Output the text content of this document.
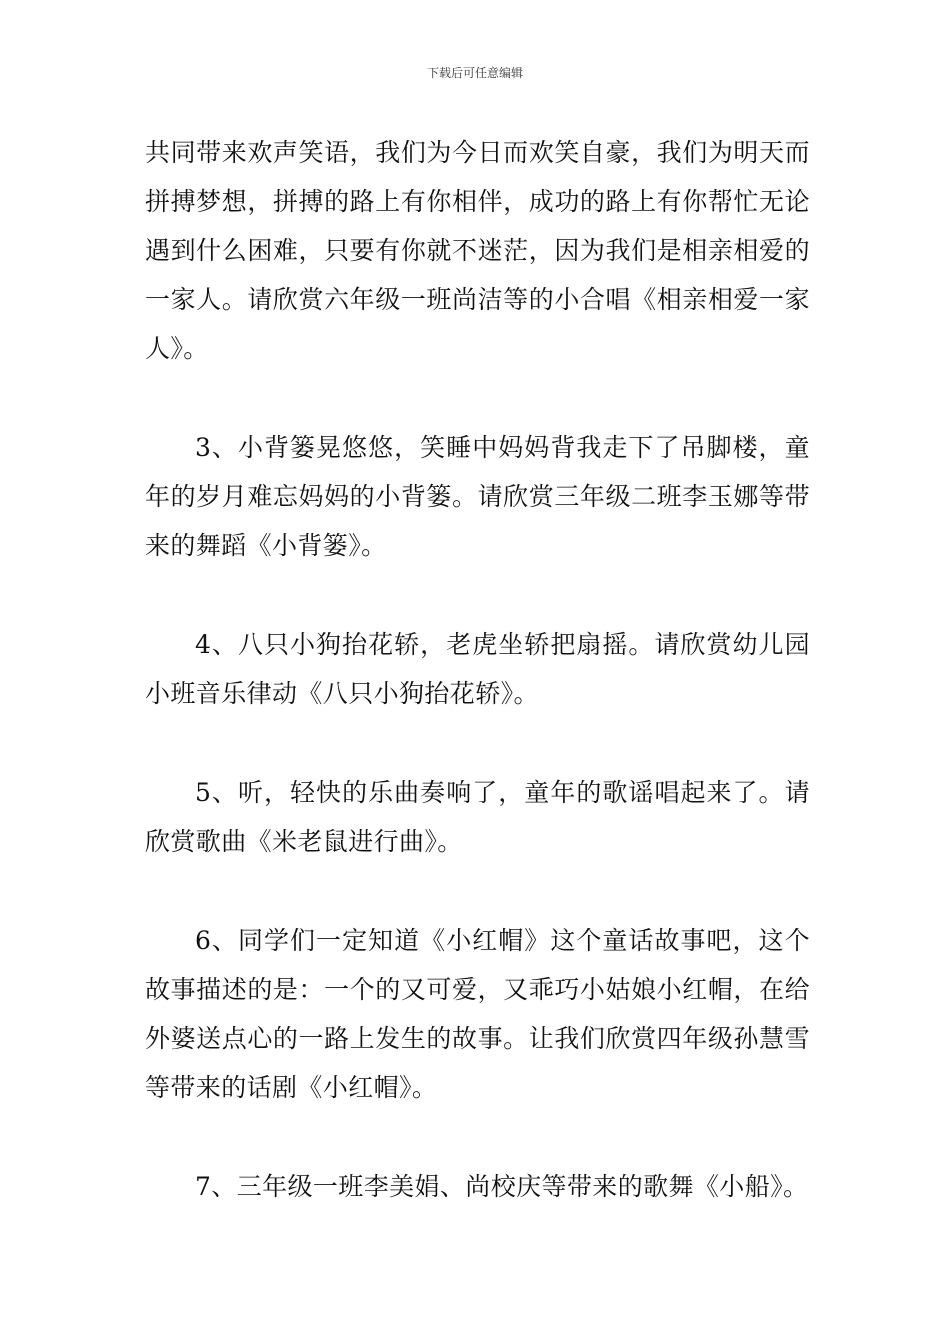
下载后可任意编辑

共同带来欢声笑语，我们为今日而欢笑自豪，我们为明天而拼搏梦想，拼搏的路上有你相伴，成功的路上有你帮忙无论遇到什么困难，只要有你就不迷茫，因为我们是相亲相爱的一家人。请欣赏六年级一班尚洁等的小合唱《相亲相爱一家人》。

3、小背篓晃悠悠，笑睡中妈妈背我走下了吊脚楼，童年的岁月难忘妈妈的小背篓。请欣赏三年级二班李玉娜等带来的舞蹈《小背篓》。

4、八只小狗抬花轿，老虎坐轿把扇摇。请欣赏幼儿园小班音乐律动《八只小狗抬花轿》。

5、听，轻快的乐曲奏响了，童年的歌谣唱起来了。请欣赏歌曲《米老鼠进行曲》。

6、同学们一定知道《小红帽》这个童话故事吧，这个故事描述的是：一个的又可爱，又乖巧小姑娘小红帽，在给外婆送点心的一路上发生的故事。让我们欣赏四年级孙慧雪等带来的话剧《小红帽》。

7、三年级一班李美娟、尚校庆等带来的歌舞《小船》。
